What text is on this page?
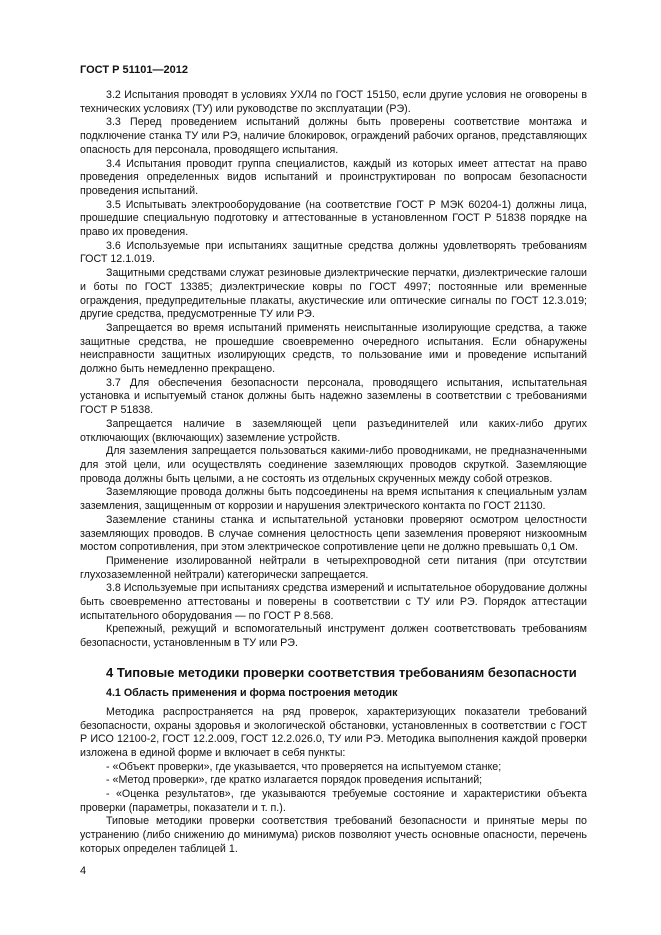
ГОСТ Р 51101—2012

3.2 Испытания проводят в условиях УХЛ4 по ГОСТ 15150, если другие условия не оговорены в технических условиях (ТУ) или руководстве по эксплуатации (РЭ).

3.3 Перед проведением испытаний должны быть проверены соответствие монтажа и подключение станка ТУ или РЭ, наличие блокировок, ограждений рабочих органов, представляющих опасность для персонала, проводящего испытания.

3.4 Испытания проводит группа специалистов, каждый из которых имеет аттестат на право проведения определенных видов испытаний и проинструктирован по вопросам безопасности проведения испытаний.

3.5 Испытывать электрооборудование (на соответствие ГОСТ Р МЭК 60204-1) должны лица, прошедшие специальную подготовку и аттестованные в установленном ГОСТ Р 51838 порядке на право их проведения.

3.6 Используемые при испытаниях защитные средства должны удовлетворять требованиям ГОСТ 12.1.019.

Защитными средствами служат резиновые диэлектрические перчатки, диэлектрические галоши и боты по ГОСТ 13385; диэлектрические ковры по ГОСТ 4997; постоянные или временные ограждения, предупредительные плакаты, акустические или оптические сигналы по ГОСТ 12.3.019; другие средства, предусмотренные ТУ или РЭ.

Запрещается во время испытаний применять неиспытанные изолирующие средства, а также защитные средства, не прошедшие своевременно очередного испытания. Если обнаружены неисправности защитных изолирующих средств, то пользование ими и проведение испытаний должно быть немедленно прекращено.

3.7 Для обеспечения безопасности персонала, проводящего испытания, испытательная установка и испытуемый станок должны быть надежно заземлены в соответствии с требованиями ГОСТ Р 51838.

Запрещается наличие в заземляющей цепи разъединителей или каких-либо других отключающих (включающих) заземление устройств.

Для заземления запрещается пользоваться какими-либо проводниками, не предназначенными для этой цели, или осуществлять соединение заземляющих проводов скруткой. Заземляющие провода должны быть целыми, а не состоять из отдельных скрученных между собой отрезков.

Заземляющие провода должны быть подсоединены на время испытания к специальным узлам заземления, защищенным от коррозии и нарушения электрического контакта по ГОСТ 21130.

Заземление станины станка и испытательной установки проверяют осмотром целостности заземляющих проводов. В случае сомнения целостность цепи заземления проверяют низкоомным мостом сопротивления, при этом электрическое сопротивление цепи не должно превышать 0,1 Ом.

Применение изолированной нейтрали в четырехпроводной сети питания (при отсутствии глухозаземленной нейтрали) категорически запрещается.

3.8 Используемые при испытаниях средства измерений и испытательное оборудование должны быть своевременно аттестованы и поверены в соответствии с ТУ или РЭ. Порядок аттестации испытательного оборудования — по ГОСТ Р 8.568.

Крепежный, режущий и вспомогательный инструмент должен соответствовать требованиям безопасности, установленным в ТУ или РЭ.

4 Типовые методики проверки соответствия требованиям безопасности
4.1 Область применения и форма построения методик

Методика распространяется на ряд проверок, характеризующих показатели требований безопасности, охраны здоровья и экологической обстановки, установленных в соответствии с ГОСТ Р ИСО 12100-2, ГОСТ 12.2.009, ГОСТ 12.2.026.0, ТУ или РЭ. Методика выполнения каждой проверки изложена в единой форме и включает в себя пункты:

- «Объект проверки», где указывается, что проверяется на испытуемом станке;

- «Метод проверки», где кратко излагается порядок проведения испытаний;

- «Оценка результатов», где указываются требуемые состояние и характеристики объекта проверки (параметры, показатели и т. п.).

Типовые методики проверки соответствия требований безопасности и принятые меры по устранению (либо снижению до минимума) рисков позволяют учесть основные опасности, перечень которых определен таблицей 1.

4
